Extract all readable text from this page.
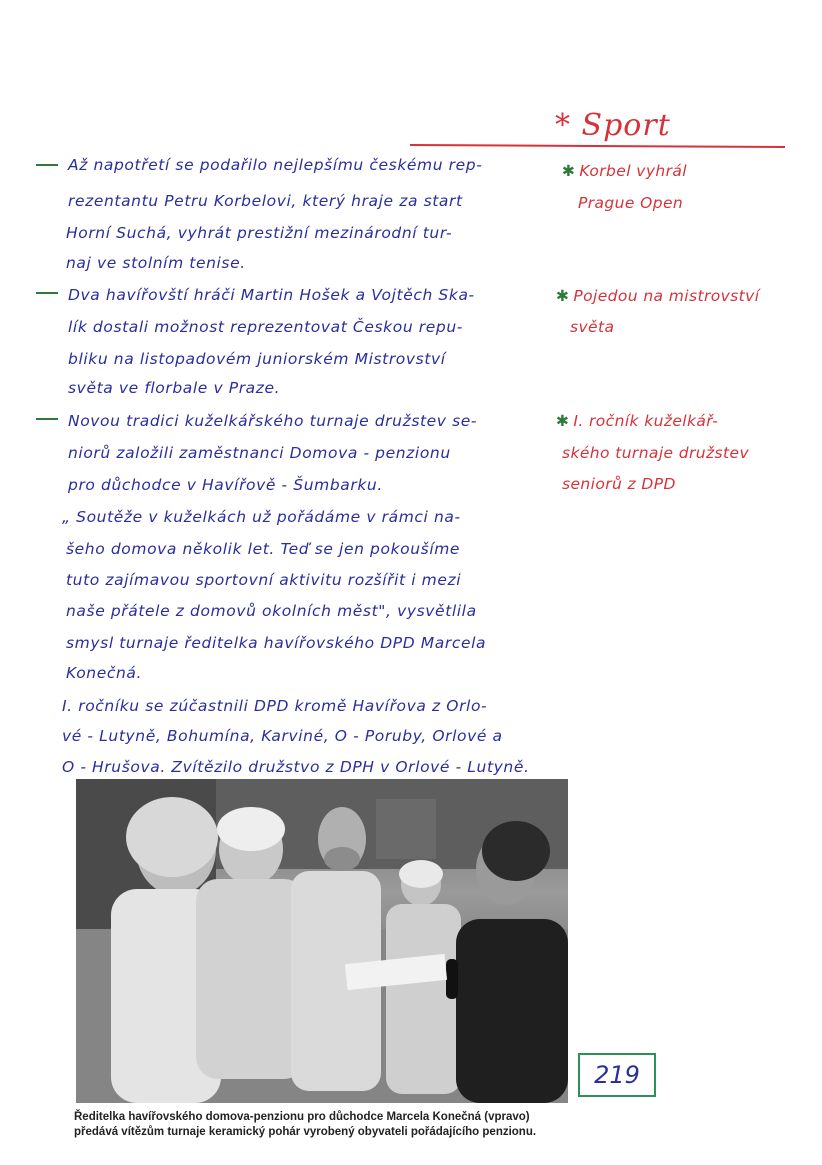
* Sport
Až napotřetí se podařilo nejlepšímu českému rep-
rezentantu Petru Korbelovi, který hraje za start
Horní Suchá, vyhrát prestižní mezinárodní tur-
naj ve stolním tenise.
✱ Korbel vyhrál
Prague Open
Dva havířovští hráči Martin Hošek a Vojtěch Ska-
lík dostali možnost reprezentovat Českou repu-
bliku na listopadovém juniorském Mistrovství
světa ve florbale v Praze.
✱ Pojedou na mistrovství
světa
Novou tradici kuželkářského turnaje družstev se-
niorů založili zaměstnanci Domova - penzionu
pro důchodce v Havířově - Šumbarku.
„ Soutěže v kuželkách už pořádáme v rámci na-
šeho domova několik let. Teď se jen pokoušíme
tuto zajímavou sportovní aktivitu rozšířit i mezi
naše přátele z domovů okolních měst", vysvětlila
smysl turnaje ředitelka havířovského DPD Marcela
Konečná.
I. ročníku se zúčastnili DPD kromě Havířova z Orlo-
vé - Lutyně, Bohumína, Karviné, O - Poruby, Orlové a
O - Hrušova. Zvítězilo družstvo z DPH v Orlové - Lutyně.
✱ I. ročník kuželkář-
ského turnaje družstev
seniorů z DPD
Ředitelka havířovského domova-penzionu pro důchodce Marcela Konečná (vpravo) předává vítězům turnaje keramický pohár vyrobený obyvateli pořádajícího penzionu.
219
